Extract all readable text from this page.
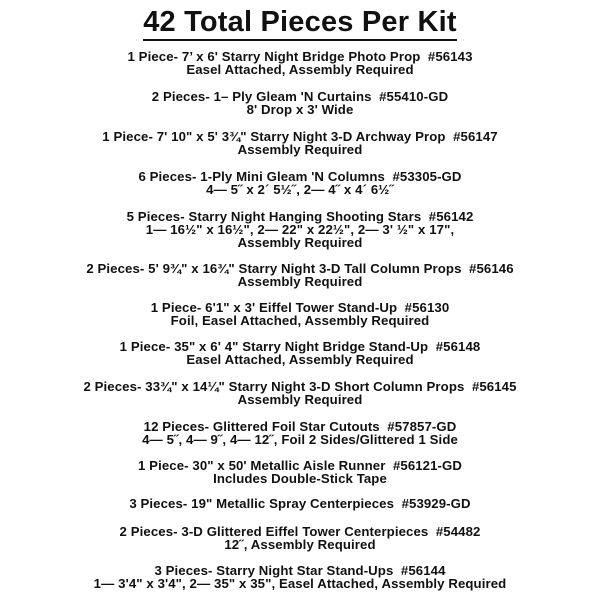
42 Total Pieces Per Kit
1 Piece- 7’ x 6' Starry Night Bridge Photo Prop  #56143
Easel Attached, Assembly Required
2 Pieces- 1– Ply Gleam 'N Curtains  #55410-GD
8' Drop x 3' Wide
1 Piece- 7' 10" x 5' 3¾" Starry Night 3-D Archway Prop  #56147
Assembly Required
6 Pieces- 1-Ply Mini Gleam 'N Columns  #53305-GD
4— 5˝ x 2´ 5½˝, 2— 4˝ x 4´ 6½˝
5 Pieces- Starry Night Hanging Shooting Stars  #56142
1— 16½" x 16½", 2— 22" x 22½", 2— 3' ½" x 17",
Assembly Required
2 Pieces- 5' 9¾" x 16¾" Starry Night 3-D Tall Column Props  #56146
Assembly Required
1 Piece- 6'1" x 3' Eiffel Tower Stand-Up  #56130
Foil, Easel Attached, Assembly Required
1 Piece- 35" x 6' 4" Starry Night Bridge Stand-Up  #56148
Easel Attached, Assembly Required
2 Pieces- 33¾" x 14¼" Starry Night 3-D Short Column Props  #56145
Assembly Required
12 Pieces- Glittered Foil Star Cutouts  #57857-GD
4— 5˝, 4— 9˝, 4— 12˝, Foil 2 Sides/Glittered 1 Side
1 Piece- 30" x 50' Metallic Aisle Runner  #56121-GD
Includes Double-Stick Tape
3 Pieces- 19" Metallic Spray Centerpieces  #53929-GD
2 Pieces- 3-D Glittered Eiffel Tower Centerpieces  #54482
12˝, Assembly Required
3 Pieces- Starry Night Star Stand-Ups  #56144
1— 3'4" x 3'4", 2— 35" x 35", Easel Attached, Assembly Required
